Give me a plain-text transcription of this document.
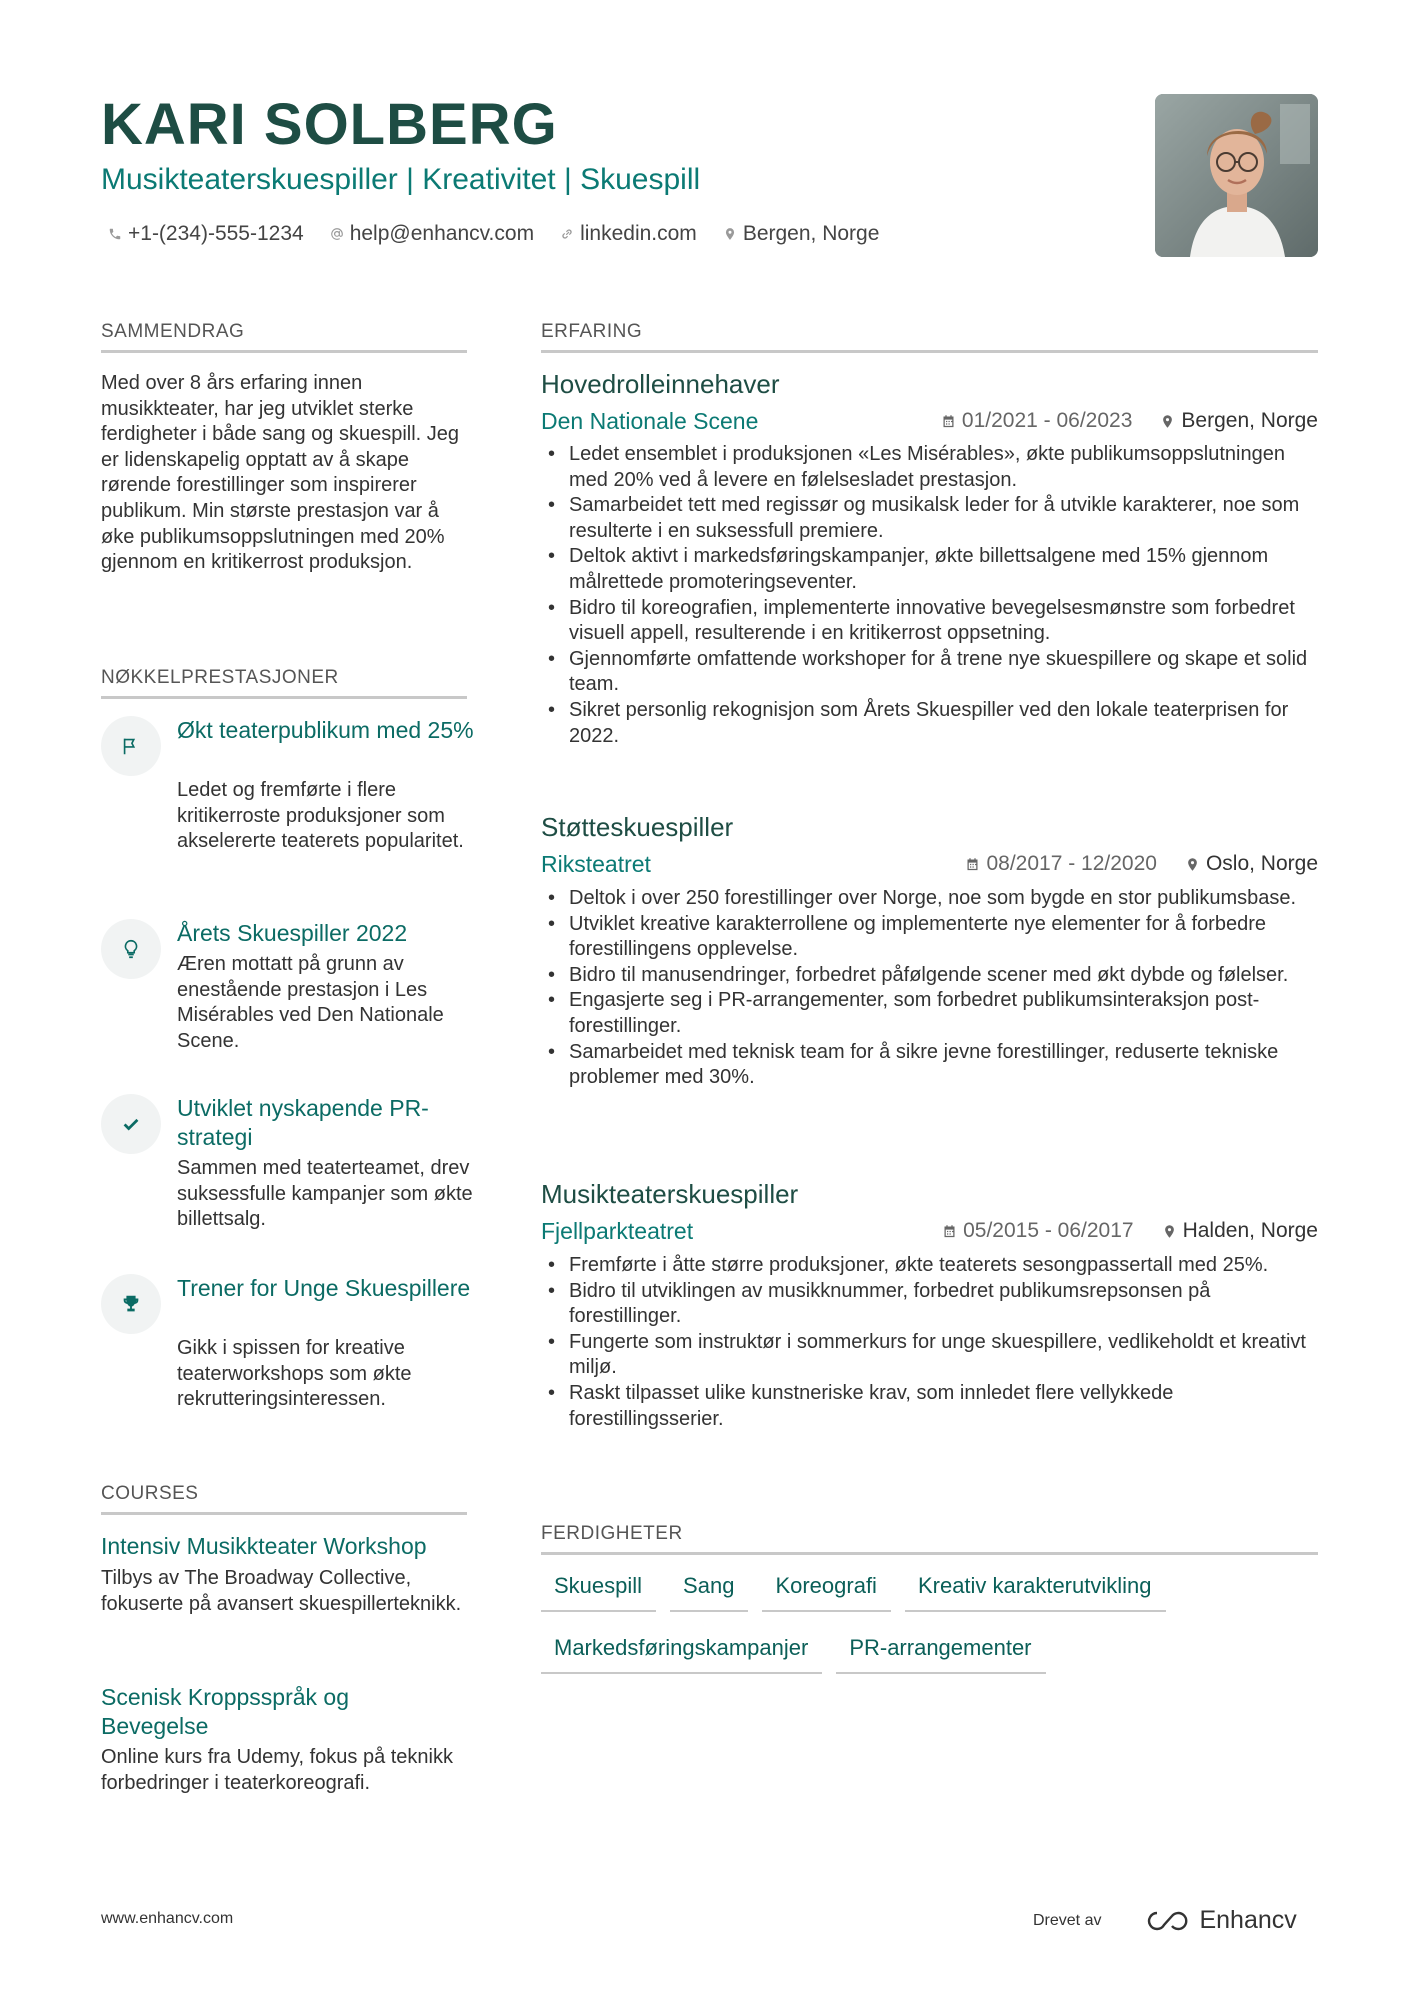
KARI SOLBERG
Musikteaterskuespiller | Kreativitet | Skuespill
+1-(234)-555-1234 help@enhancv.com linkedin.com Bergen, Norge
SAMMENDRAG
Med over 8 års erfaring innen musikkteater, har jeg utviklet sterke ferdigheter i både sang og skuespill. Jeg er lidenskapelig opptatt av å skape rørende forestillinger som inspirerer publikum. Min største prestasjon var å øke publikumsoppslutningen med 20% gjennom en kritikerrost produksjon.
NØKKELPRESTASJONER
Økt teaterpublikum med 25%
Ledet og fremførte i flere kritikerroste produksjoner som akselererte teaterets popularitet.
Årets Skuespiller 2022
Æren mottatt på grunn av enestående prestasjon i Les Misérables ved Den Nationale Scene.
Utviklet nyskapende PR-strategi
Sammen med teaterteamet, drev suksessfulle kampanjer som økte billettsalg.
Trener for Unge Skuespillere
Gikk i spissen for kreative teaterworkshops som økte rekrutteringsinteressen.
COURSES
Intensiv Musikkteater Workshop
Tilbys av The Broadway Collective, fokuserte på avansert skuespillerteknikk.
Scenisk Kroppsspråk og Bevegelse
Online kurs fra Udemy, fokus på teknikk forbedringer i teaterkoreografi.
ERFARING
Hovedrolleinnehaver
Den Nationale Scene	01/2021 - 06/2023 Bergen, Norge
• Ledet ensemblet i produksjonen «Les Misérables», økte publikumsoppslutningen med 20% ved å levere en følelsesladet prestasjon.
• Samarbeidet tett med regissør og musikalsk leder for å utvikle karakterer, noe som resulterte i en suksessfull premiere.
• Deltok aktivt i markedsføringskampanjer, økte billettsalgene med 15% gjennom målrettede promoteringseventer.
• Bidro til koreografien, implementerte innovative bevegelsesmønstre som forbedret visuell appell, resulterende i en kritikerrost oppsetning.
• Gjennomførte omfattende workshoper for å trene nye skuespillere og skape et solid team.
• Sikret personlig rekognisjon som Årets Skuespiller ved den lokale teaterprisen for 2022.
Støtteskuespiller
Riksteatret	08/2017 - 12/2020 Oslo, Norge
• Deltok i over 250 forestillinger over Norge, noe som bygde en stor publikumsbase.
• Utviklet kreative karakterrollene og implementerte nye elementer for å forbedre forestillingens opplevelse.
• Bidro til manusendringer, forbedret påfølgende scener med økt dybde og følelser.
• Engasjerte seg i PR-arrangementer, som forbedret publikumsinteraksjon post-forestillinger.
• Samarbeidet med teknisk team for å sikre jevne forestillinger, reduserte tekniske problemer med 30%.
Musikteaterskuespiller
Fjellparkteatret	05/2015 - 06/2017 Halden, Norge
• Fremførte i åtte større produksjoner, økte teaterets sesongpassertall med 25%.
• Bidro til utviklingen av musikknummer, forbedret publikumsrepsonsen på forestillinger.
• Fungerte som instruktør i sommerkurs for unge skuespillere, vedlikeholdt et kreativt miljø.
• Raskt tilpasset ulike kunstneriske krav, som innledet flere vellykkede forestillingsserier.
FERDIGHETER
Skuespill	Sang	Koreografi	Kreativ karakterutvikling
Markedsføringskampanjer	PR-arrangementer
www.enhancv.com	Drevet av	Enhancv
